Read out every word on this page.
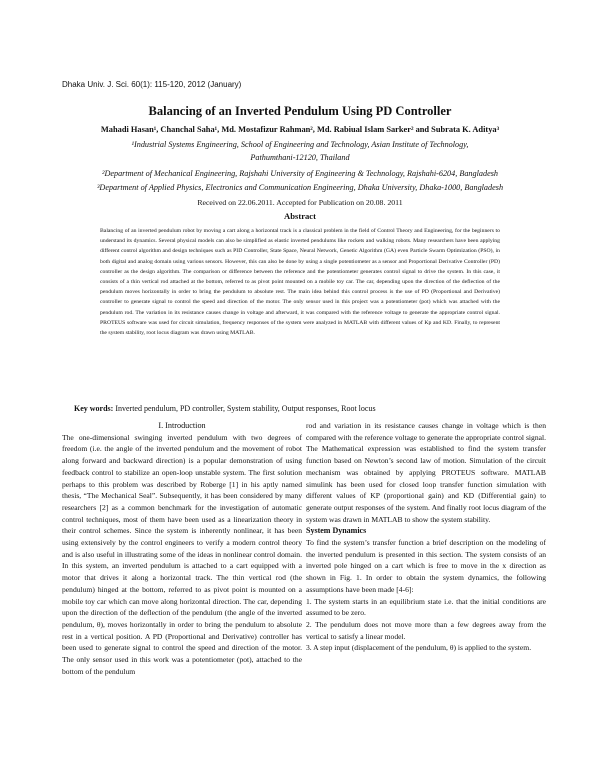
Dhaka Univ. J. Sci. 60(1): 115-120, 2012 (January)
Balancing of an Inverted Pendulum Using PD Controller
Mahadi Hasan¹, Chanchal Saha¹, Md. Mostafizur Rahman², Md. Rabiual Islam Sarker² and Subrata K. Aditya³
¹Industrial Systems Engineering, School of Engineering and Technology, Asian Institute of Technology,
Pathumthani-12120, Thailand
²Department of Mechanical Engineering, Rajshahi University of Engineering & Technology, Rajshahi-6204, Bangladesh
³Department of Applied Physics, Electronics and Communication Engineering, Dhaka University, Dhaka-1000, Bangladesh
Received on 22.06.2011. Accepted for Publication on 20.08. 2011
Abstract
Balancing of an inverted pendulum robot by moving a cart along a horizontal track is a classical problem in the field of Control Theory and Engineering, for the beginners to understand its dynamics. Several physical models can also be simplified as elastic inverted pendulums like rockets and walking robots. Many researchers have been applying different control algorithm and design techniques such as PID Controller, State Space, Neural Network, Genetic Algorithm (GA) even Particle Swarm Optimization (PSO), in both digital and analog domain using various sensors. However, this can also be done by using a single potentiometer as a sensor and Proportional Derivative Controller (PD) controller as the design algorithm. The comparison or difference between the reference and the potentiometer generates control signal to drive the system. In this case, it consists of a thin vertical rod attached at the bottom, referred to as pivot point mounted on a mobile toy car. The car, depending upon the direction of the deflection of the pendulum moves horizontally in order to bring the pendulum to absolute rest. The main idea behind this control process is the use of PD (Proportional and Derivative) controller to generate signal to control the speed and direction of the motor. The only sensor used in this project was a potentiometer (pot) which was attached with the pendulum rod. The variation in its resistance causes change in voltage and afterward, it was compared with the reference voltage to generate the appropriate control signal. PROTEUS software was used for circuit simulation, frequency responses of the system were analyzed in MATLAB with different values of Kp and KD. Finally, to represent the system stability, root locus diagram was drawn using MATLAB.
Key words: Inverted pendulum, PD controller, System stability, Output responses, Root locus

I. Introduction

The one-dimensional swinging inverted pendulum with two degrees of freedom (i.e. the angle of the inverted pendulum and the movement of robot along forward and backward direction) is a popular demonstration of using feedback control to stabilize an open-loop unstable system. The first solution perhaps to this problem was described by Roberge [1] in his aptly named thesis, “The Mechanical Seal”. Subsequently, it has been considered by many researchers [2] as a common benchmark for the investigation of automatic control techniques, most of them have been used as a linearization theory in their control schemes. Since the system is inherently nonlinear, it has been using extensively by the control engineers to verify a modern control theory and is also useful in illustrating some of the ideas in nonlinear control domain. In this system, an inverted pendulum is attached to a cart equipped with a motor that drives it along a horizontal track. The thin vertical rod (the pendulum) hinged at the bottom, referred to as pivot point is mounted on a mobile toy car which can move along horizontal direction. The car, depending upon the direction of the deflection of the pendulum (the angle of the inverted pendulum, θ), moves horizontally in order to bring the pendulum to absolute rest in a vertical position. A PD (Proportional and Derivative) controller has been used to generate signal to control the speed and direction of the motor. The only sensor used in this work was a potentiometer (pot), attached to the bottom of the pendulum

rod and variation in its resistance causes change in voltage which is then compared with the reference voltage to generate the appropriate control signal. The Mathematical expression was established to find the system transfer function based on Newton’s second law of motion. Simulation of the circuit mechanism was obtained by applying PROTEUS software. MATLAB simulink has been used for closed loop transfer function simulation with different values of KP (proportional gain) and KD (Differential gain) to generate output responses of the system. And finally root locus diagram of the system was drawn in MATLAB to show the system stability.

System Dynamics

To find the system’s transfer function a brief description on the modeling of the inverted pendulum is presented in this section. The system consists of an inverted pole hinged on a cart which is free to move in the x direction as shown in Fig. 1. In order to obtain the system dynamics, the following assumptions have been made [4-6]:

1. The system starts in an equilibrium state i.e. that the initial conditions are assumed to be zero.

2. The pendulum does not move more than a few degrees away from the vertical to satisfy a linear model.

3. A step input (displacement of the pendulum, θ) is applied to the system.
